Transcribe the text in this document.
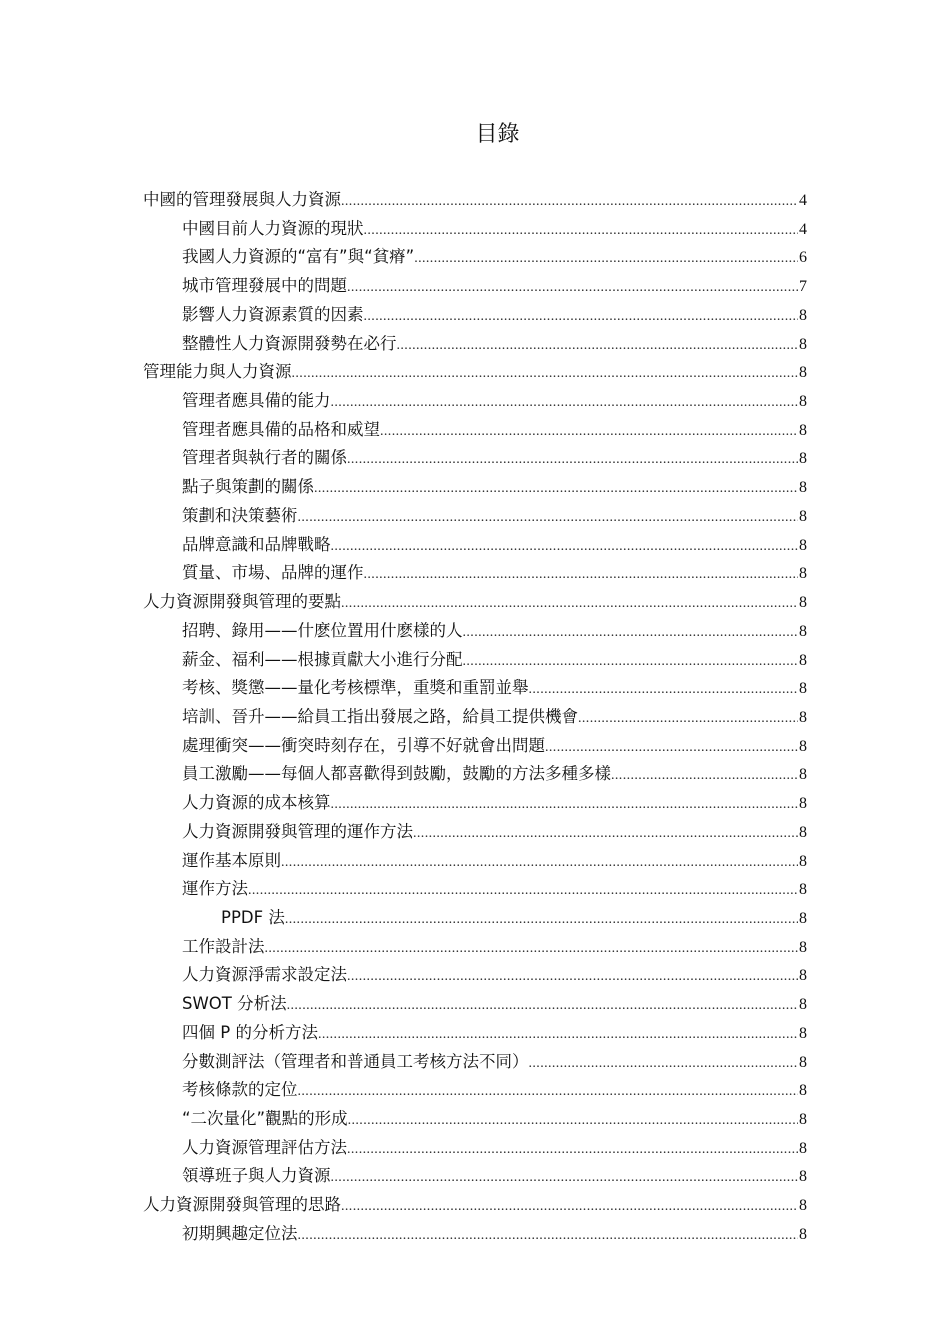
目錄
中國的管理發展與人力資源 .....	4
中國目前人力資源的現狀 .....	4
我國人力資源的“富有”與“貧瘠” .....	6
城市管理發展中的問題 .....	7
影響人力資源素質的因素 .....	8
整體性人力資源開發勢在必行 .....	8
管理能力與人力資源 .....	8
管理者應具備的能力 .....	8
管理者應具備的品格和威望 .....	8
管理者與執行者的關係 .....	8
點子與策劃的關係 .....	8
策劃和決策藝術 .....	8
品牌意識和品牌戰略 .....	8
質量、市場、品牌的運作 .....	8
人力資源開發與管理的要點 .....	8
招聘、錄用——什麽位置用什麽樣的人 .....	8
薪金、福利——根據貢獻大小進行分配 .....	8
考核、獎懲——量化考核標準，重獎和重罰並舉 .....	8
培訓、晉升——給員工指出發展之路，給員工提供機會 .....	8
處理衝突——衝突時刻存在，引導不好就會出問題 .....	8
員工激勵——每個人都喜歡得到鼓勵，鼓勵的方法多種多樣 .....	8
人力資源的成本核算 .....	8
人力資源開發與管理的運作方法 .....	8
運作基本原則 .....	8
運作方法 .....	8
PPDF 法 .....	8
工作設計法 .....	8
人力資源淨需求設定法 .....	8
SWOT 分析法 .....	8
四個 P 的分析方法 .....	8
分數測評法（管理者和普通員工考核方法不同） .....	8
考核條款的定位 .....	8
“二次量化”觀點的形成 .....	8
人力資源管理評估方法 .....	8
領導班子與人力資源 .....	8
人力資源開發與管理的思路 .....	8
初期興趣定位法 .....	8
